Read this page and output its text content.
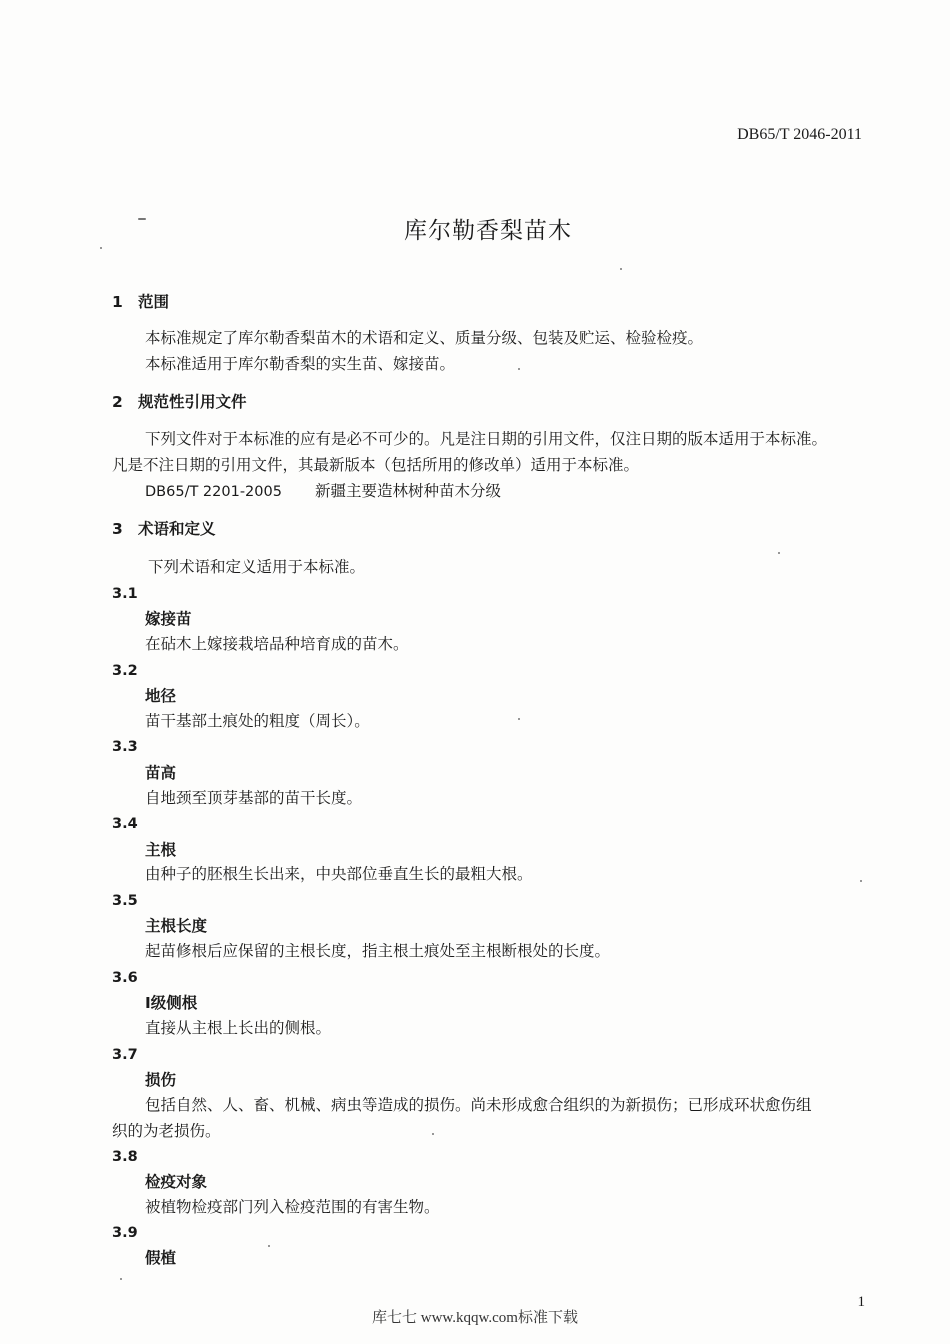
DB65/T 2046-2011
库尔勒香梨苗木
1 范围
本标准规定了库尔勒香梨苗木的术语和定义、质量分级、包装及贮运、检验检疫。
本标准适用于库尔勒香梨的实生苗、嫁接苗。
2 规范性引用文件
下列文件对于本标准的应有是必不可少的。凡是注日期的引用文件，仅注日期的版本适用于本标准。
凡是不注日期的引用文件，其最新版本（包括所用的修改单）适用于本标准。
DB65/T 2201-2005 新疆主要造林树种苗木分级
3 术语和定义
下列术语和定义适用于本标准。
3.1
嫁接苗
在砧木上嫁接栽培品种培育成的苗木。
3.2
地径
苗干基部土痕处的粗度（周长）。
3.3
苗高
自地颈至顶芽基部的苗干长度。
3.4
主根
由种子的胚根生长出来，中央部位垂直生长的最粗大根。
3.5
主根长度
起苗修根后应保留的主根长度，指主根土痕处至主根断根处的长度。
3.6
Ⅰ级侧根
直接从主根上长出的侧根。
3.7
损伤
包括自然、人、畜、机械、病虫等造成的损伤。尚未形成愈合组织的为新损伤；已形成环状愈伤组
织的为老损伤。
3.8
检疫对象
被植物检疫部门列入检疫范围的有害生物。
3.9
假植
1
库七七 www.kqqw.com标准下载
